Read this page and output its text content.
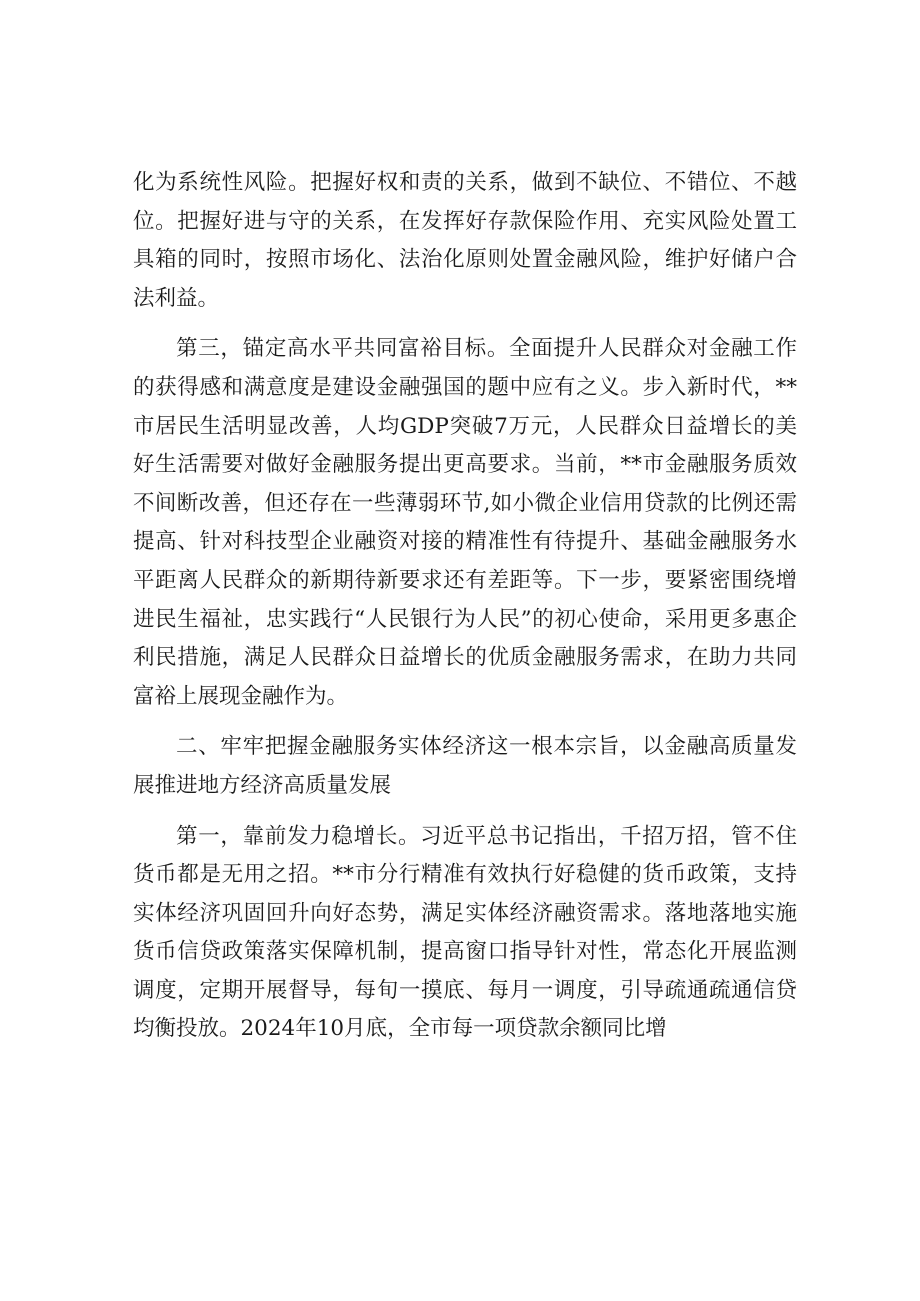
化为系统性风险。把握好权和责的关系，做到不缺位、不错位、不越位。把握好进与守的关系，在发挥好存款保险作用、充实风险处置工具箱的同时，按照市场化、法治化原则处置金融风险，维护好储户合法利益。

第三，锚定高水平共同富裕目标。全面提升人民群众对金融工作的获得感和满意度是建设金融强国的题中应有之义。步入新时代，**市居民生活明显改善，人均GDP突破7万元，人民群众日益增长的美好生活需要对做好金融服务提出更高要求。当前，**市金融服务质效不间断改善，但还存在一些薄弱环节,如小微企业信用贷款的比例还需提高、针对科技型企业融资对接的精准性有待提升、基础金融服务水平距离人民群众的新期待新要求还有差距等。下一步，要紧密围绕增进民生福祉，忠实践行“人民银行为人民”的初心使命，采用更多惠企利民措施，满足人民群众日益增长的优质金融服务需求，在助力共同富裕上展现金融作为。

二、牢牢把握金融服务实体经济这一根本宗旨，以金融高质量发展推进地方经济高质量发展

第一，靠前发力稳增长。习近平总书记指出，千招万招，管不住货币都是无用之招。**市分行精准有效执行好稳健的货币政策，支持实体经济巩固回升向好态势，满足实体经济融资需求。落地落地实施货币信贷政策落实保障机制，提高窗口指导针对性，常态化开展监测调度，定期开展督导，每旬一摸底、每月一调度，引导疏通疏通信贷均衡投放。2024年10月底，全市每一项贷款余额同比增
